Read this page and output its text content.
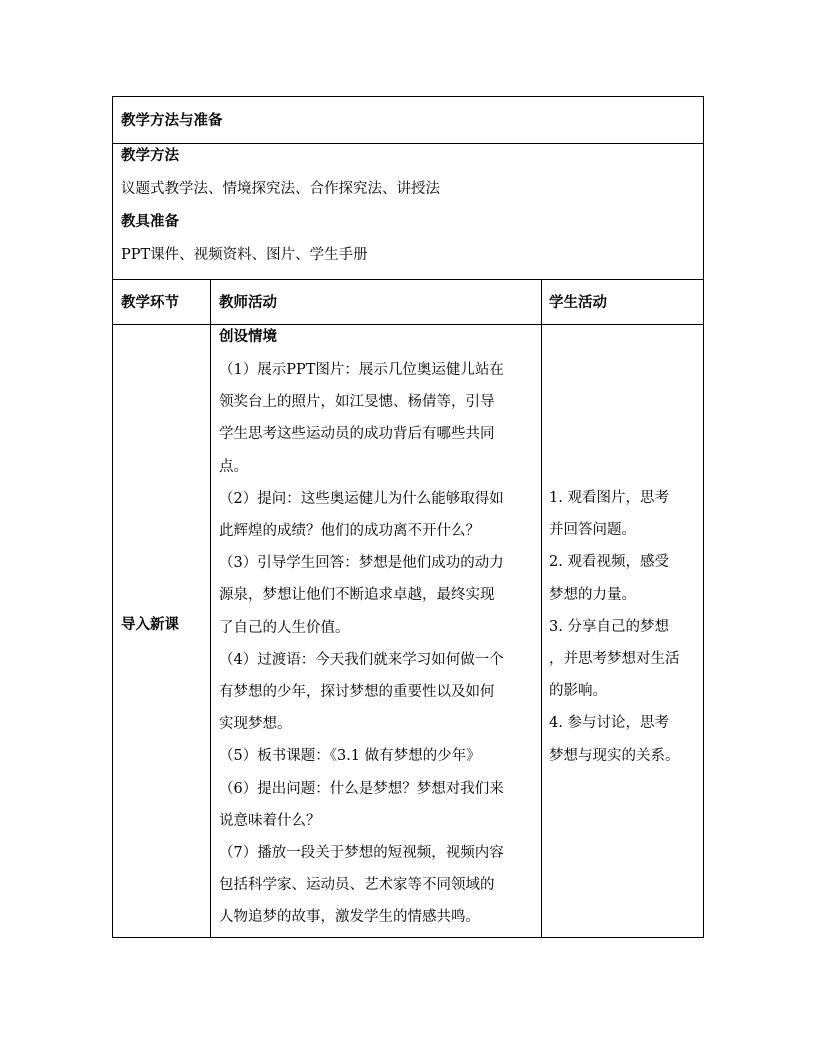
教学方法与准备
教学方法
议题式教学法、情境探究法、合作探究法、讲授法
教具准备
PPT课件、视频资料、图片、学生手册
教学环节	教师活动	学生活动
导入新课
创设情境

（1）展示PPT图片：展示几位奥运健儿站在

领奖台上的照片，如江旻憓、杨倩等，引导

学生思考这些运动员的成功背后有哪些共同

点。

（2）提问：这些奥运健儿为什么能够取得如

此辉煌的成绩？他们的成功离不开什么？

（3）引导学生回答：梦想是他们成功的动力

源泉，梦想让他们不断追求卓越，最终实现

了自己的人生价值。

（4）过渡语：今天我们就来学习如何做一个

有梦想的少年，探讨梦想的重要性以及如何

实现梦想。

（5）板书课题：《3.1 做有梦想的少年》

（6）提出问题：什么是梦想？梦想对我们来

说意味着什么？

（7）播放一段关于梦想的短视频，视频内容

包括科学家、运动员、艺术家等不同领域的

人物追梦的故事，激发学生的情感共鸣。

1. 观看图片，思考

并回答问题。

2. 观看视频，感受

梦想的力量。

3. 分享自己的梦想

，并思考梦想对生活

的影响。

4. 参与讨论，思考

梦想与现实的关系。
